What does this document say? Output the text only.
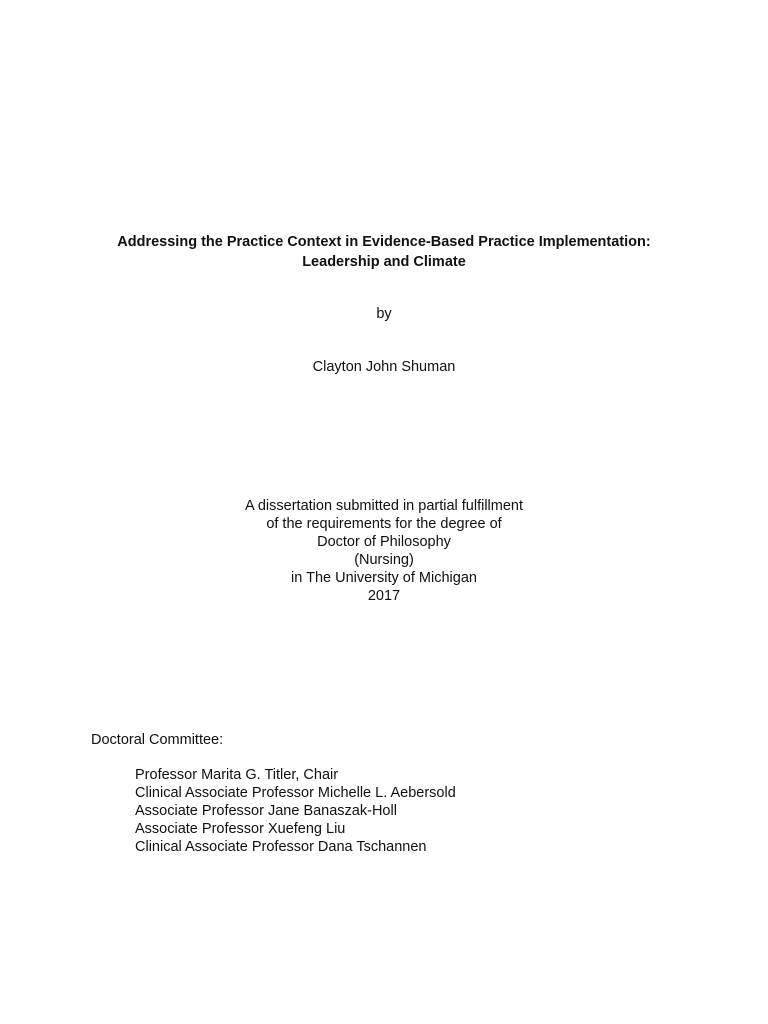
Addressing the Practice Context in Evidence-Based Practice Implementation:
Leadership and Climate
by
Clayton John Shuman
A dissertation submitted in partial fulfillment
of the requirements for the degree of
Doctor of Philosophy
(Nursing)
in The University of Michigan
2017
Doctoral Committee:
Professor Marita G. Titler, Chair
Clinical Associate Professor Michelle L. Aebersold
Associate Professor Jane Banaszak-Holl
Associate Professor Xuefeng Liu
Clinical Associate Professor Dana Tschannen
